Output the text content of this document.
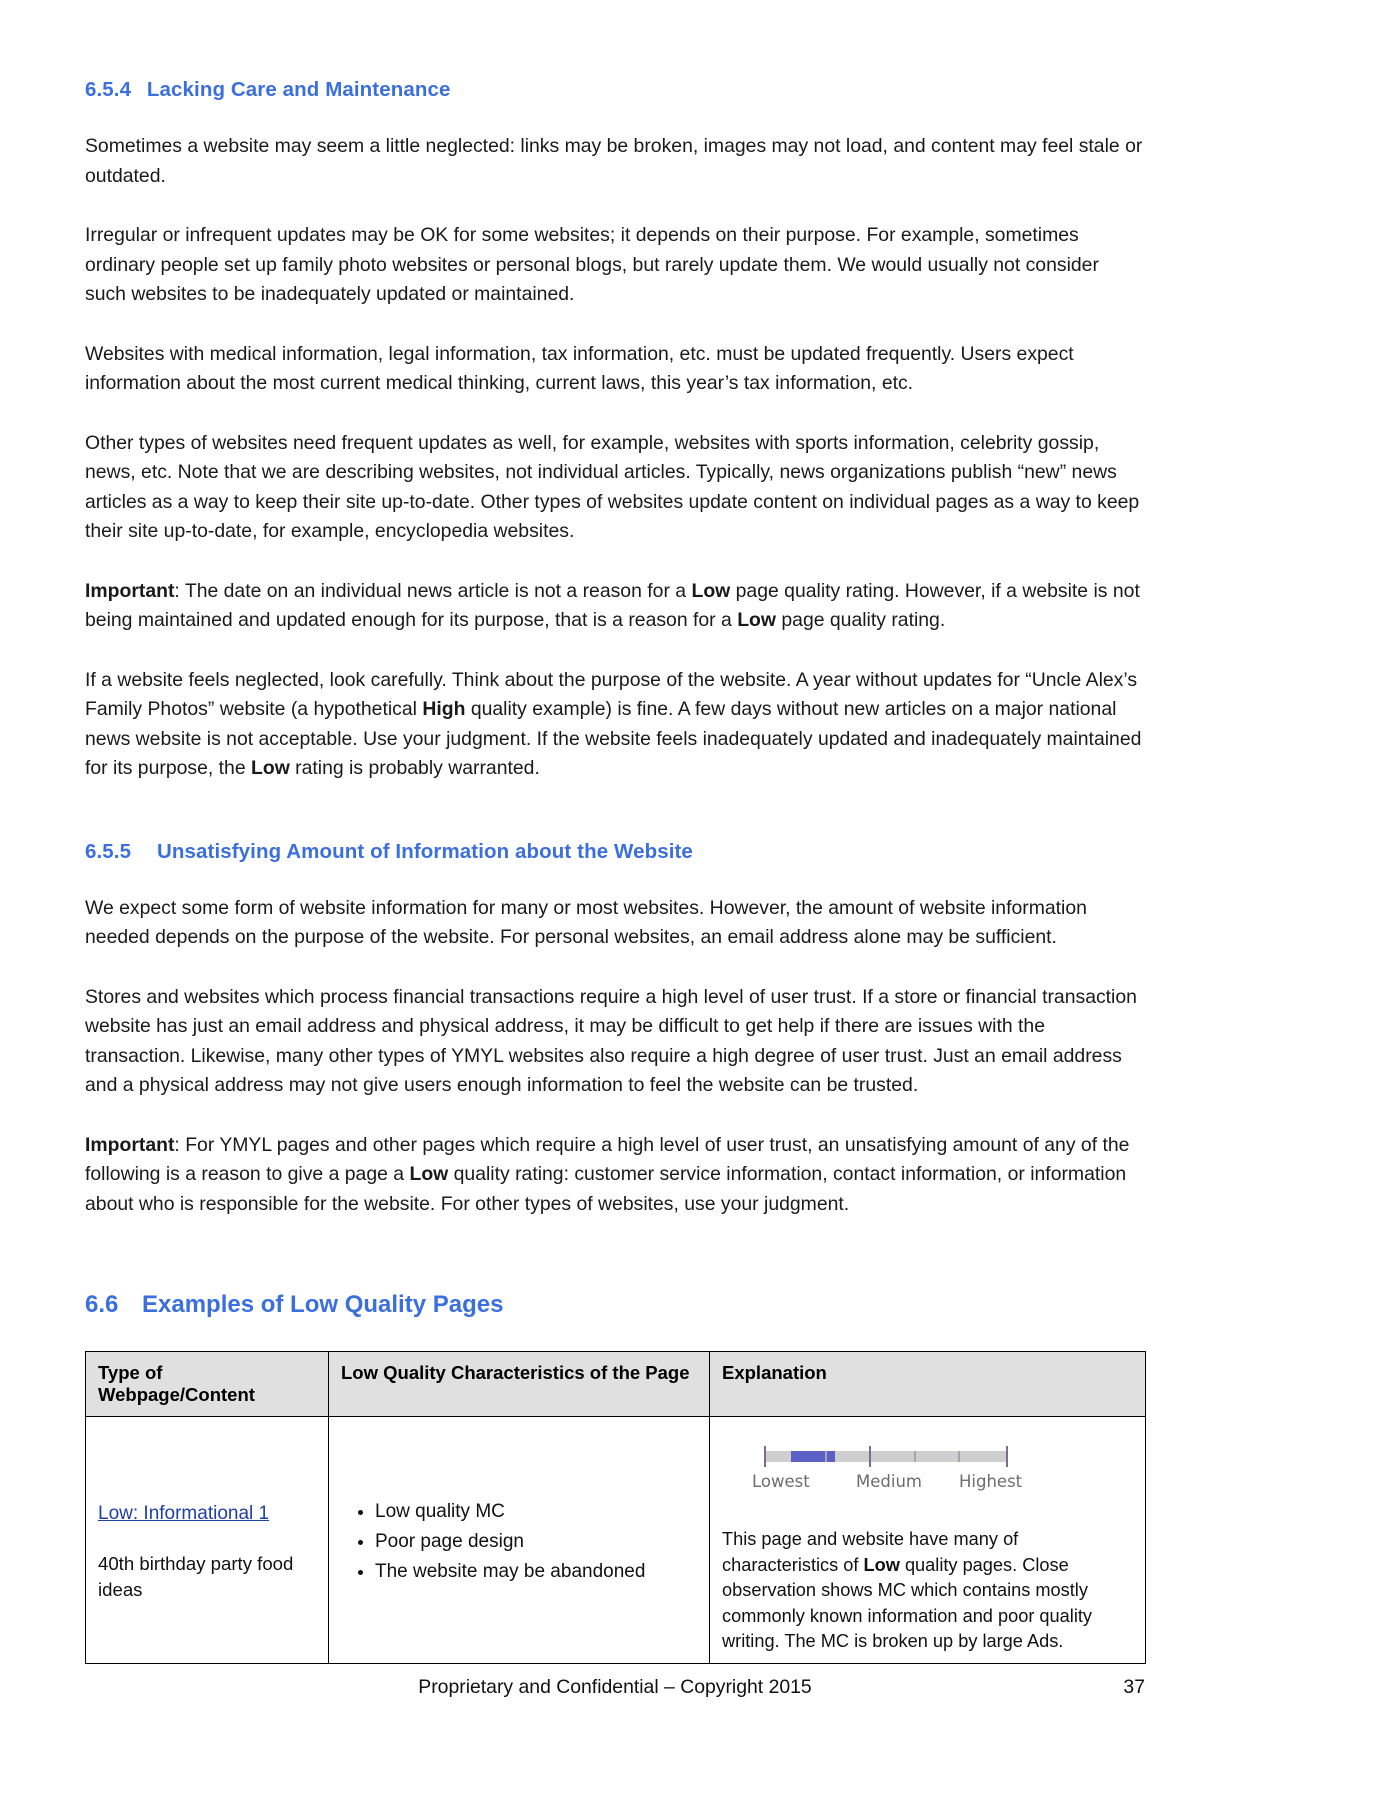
6.5.4 Lacking Care and Maintenance

Sometimes a website may seem a little neglected: links may be broken, images may not load, and content may feel stale or outdated.

Irregular or infrequent updates may be OK for some websites; it depends on their purpose. For example, sometimes ordinary people set up family photo websites or personal blogs, but rarely update them. We would usually not consider such websites to be inadequately updated or maintained.

Websites with medical information, legal information, tax information, etc. must be updated frequently. Users expect information about the most current medical thinking, current laws, this year’s tax information, etc.

Other types of websites need frequent updates as well, for example, websites with sports information, celebrity gossip, news, etc. Note that we are describing websites, not individual articles. Typically, news organizations publish “new” news articles as a way to keep their site up-to-date. Other types of websites update content on individual pages as a way to keep their site up-to-date, for example, encyclopedia websites.

Important: The date on an individual news article is not a reason for a Low page quality rating. However, if a website is not being maintained and updated enough for its purpose, that is a reason for a Low page quality rating.

If a website feels neglected, look carefully. Think about the purpose of the website. A year without updates for “Uncle Alex’s Family Photos” website (a hypothetical High quality example) is fine. A few days without new articles on a major national news website is not acceptable. Use your judgment. If the website feels inadequately updated and inadequately maintained for its purpose, the Low rating is probably warranted.

6.5.5 Unsatisfying Amount of Information about the Website

We expect some form of website information for many or most websites. However, the amount of website information needed depends on the purpose of the website. For personal websites, an email address alone may be sufficient.

Stores and websites which process financial transactions require a high level of user trust. If a store or financial transaction website has just an email address and physical address, it may be difficult to get help if there are issues with the transaction. Likewise, many other types of YMYL websites also require a high degree of user trust. Just an email address and a physical address may not give users enough information to feel the website can be trusted.

Important: For YMYL pages and other pages which require a high level of user trust, an unsatisfying amount of any of the following is a reason to give a page a Low quality rating: customer service information, contact information, or information about who is responsible for the website. For other types of websites, use your judgment.

6.6 Examples of Low Quality Pages
Type of Webpage/Content	Low Quality Characteristics of the Page	Explanation

Low: Informational 1
40th birthday party food ideas

• Low quality MC
• Poor page design
• The website may be abandoned

Lowest	Medium Highest
This page and website have many of characteristics of Low quality pages. Close observation shows MC which contains mostly commonly known information and poor quality writing. The MC is broken up by large Ads.
Proprietary and Confidential – Copyright 2015	37
